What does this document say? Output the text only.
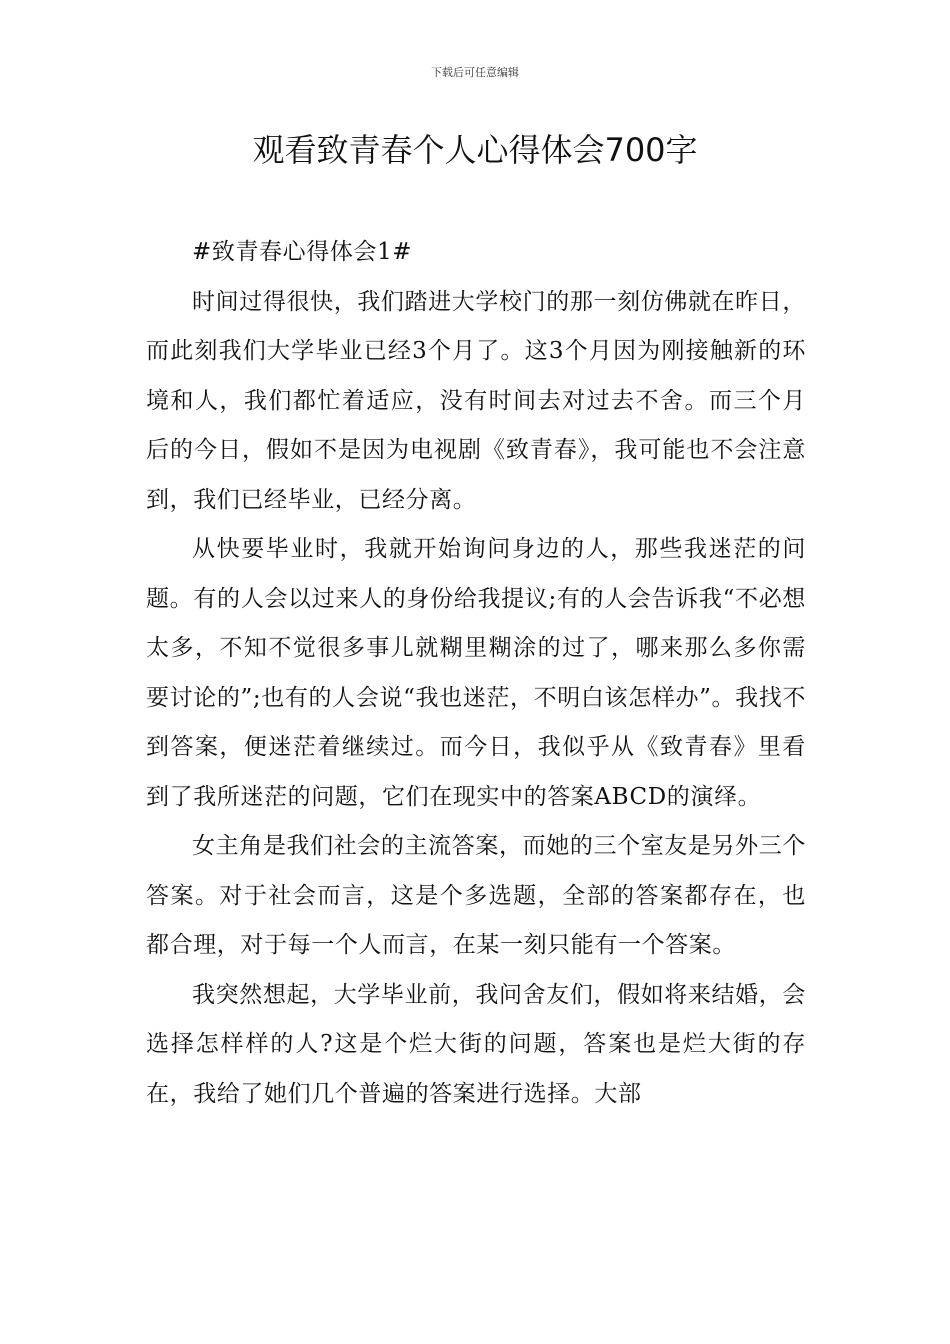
下载后可任意编辑
观看致青春个人心得体会700字

#致青春心得体会1#

时间过得很快，我们踏进大学校门的那一刻仿佛就在昨日，而此刻我们大学毕业已经3个月了。这3个月因为刚接触新的环境和人，我们都忙着适应，没有时间去对过去不舍。而三个月后的今日，假如不是因为电视剧《致青春》，我可能也不会注意到，我们已经毕业，已经分离。

从快要毕业时，我就开始询问身边的人，那些我迷茫的问题。有的人会以过来人的身份给我提议;有的人会告诉我“不必想太多，不知不觉很多事儿就糊里糊涂的过了，哪来那么多你需要讨论的”;也有的人会说“我也迷茫，不明白该怎样办”。我找不到答案，便迷茫着继续过。而今日，我似乎从《致青春》里看到了我所迷茫的问题，它们在现实中的答案ABCD的演绎。

女主角是我们社会的主流答案，而她的三个室友是另外三个答案。对于社会而言，这是个多选题，全部的答案都存在，也都合理，对于每一个人而言，在某一刻只能有一个答案。

我突然想起，大学毕业前，我问舍友们，假如将来结婚，会选择怎样样的人?这是个烂大街的问题，答案也是烂大街的存在，我给了她们几个普遍的答案进行选择。大部
